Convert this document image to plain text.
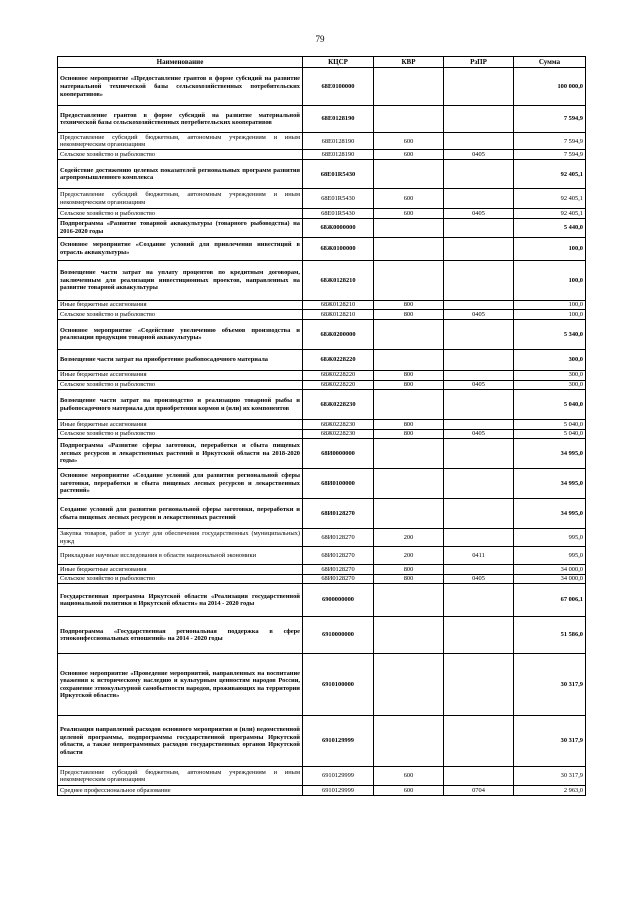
79
Наименование	КЦСР	КВР	РзПР	Сумма
Основное мероприятие «Предоставление грантов в форме субсидий на развитие материальной технической базы сельскохозяйственных потребительских кооперативов»	68Е0100000			100 000,0
Предоставление грантов в форме субсидий на развитие материальной технической базы сельскохозяйственных потребительских кооперативов	68Е0128190			7 594,9
Предоставление субсидий бюджетным, автономным учреждениям и иным некоммерческим организациям	68Е0128190	600		7 594,9
Сельское хозяйство и рыболовство	68Е0128190	600	0405	7 594,9
Содействие достижению целевых показателей региональных программ развития агропромышленного комплекса	68Е01R5430			92 405,1
Предоставление субсидий бюджетным, автономным учреждениям и иным некоммерческим организациям	68Е01R5430	600		92 405,1
Сельское хозяйство и рыболовство	68Е01R5430	600	0405	92 405,1
Подпрограмма «Развитие товарной аквакультуры (товарного рыбоводства) на 2016-2020 годы	68Ж0000000			5 440,0
Основное мероприятие «Создание условий для привлечения инвестиций в отрасль аквакультуры»	68Ж0100000			100,0
Возмещение части затрат на уплату процентов по кредитным договорам, заключенным для реализации инвестиционных проектов, направленных на развитие товарной аквакультуры	68Ж0128210			100,0
Иные бюджетные ассигнования	68Ж0128210	800		100,0
Сельское хозяйство и рыболовство	68Ж0128210	800	0405	100,0
Основное мероприятие «Содействие увеличению объемов производства и реализации продукции товарной аквакультуры»	68Ж0200000			5 340,0
Возмещение части затрат на приобретение рыбопосадочного материала	68Ж0228220			300,0
Иные бюджетные ассигнования	68Ж0228220	800		300,0
Сельское хозяйство и рыболовство	68Ж0228220	800	0405	300,0
Возмещение части затрат на производство и реализацию товарной рыбы и рыбопосадочного материала для приобретения кормов и (или) их компонентов	68Ж0228230			5 040,0
Иные бюджетные ассигнования	68Ж0228230	800		5 040,0
Сельское хозяйство и рыболовство	68Ж0228230	800	0405	5 040,0
Подпрограмма «Развитие сферы заготовки, переработки и сбыта пищевых лесных ресурсов и лекарственных растений в Иркутской области на 2018-2020 годы»	68И0000000			34 995,0
Основное мероприятие «Создание условий для развития региональной сферы заготовки, переработки и сбыта пищевых лесных ресурсов и лекарственных растений»	68И0100000			34 995,0
Создание условий для развития региональной сферы заготовки, переработки и сбыта пищевых лесных ресурсов и лекарственных растений	68И0128270			34 995,0
Закупка товаров, работ и услуг для обеспечения государственных (муниципальных) нужд	68И0128270	200		995,0
Прикладные научные исследования в области национальной экономики	68И0128270	200	0411	995,0
Иные бюджетные ассигнования	68И0128270	800		34 000,0
Сельское хозяйство и рыболовство	68И0128270	800	0405	34 000,0
Государственная программа Иркутской области «Реализация государственной национальной политики в Иркутской области» на 2014 - 2020 годы	6900000000			67 006,1
Подпрограмма «Государственная региональная поддержка в сфере этноконфессиональных отношений» на 2014 - 2020 годы	6910000000			51 586,0
Основное мероприятие «Проведение мероприятий, направленных на воспитание уважения к историческому наследию и культурным ценностям народов России, сохранение этнокультурной самобытности народов, проживающих на территории Иркутской области»	6910100000			30 317,9
Реализация направлений расходов основного мероприятия и (или) ведомственной целевой программы, подпрограммы государственной программы Иркутской области, а также непрограммных расходов государственных органов Иркутской области	6910129999			30 317,9
Предоставление субсидий бюджетным, автономным учреждениям и иным некоммерческим организациям	6910129999	600		30 317,9
Среднее профессиональное образование	6910129999	600	0704	2 963,0
